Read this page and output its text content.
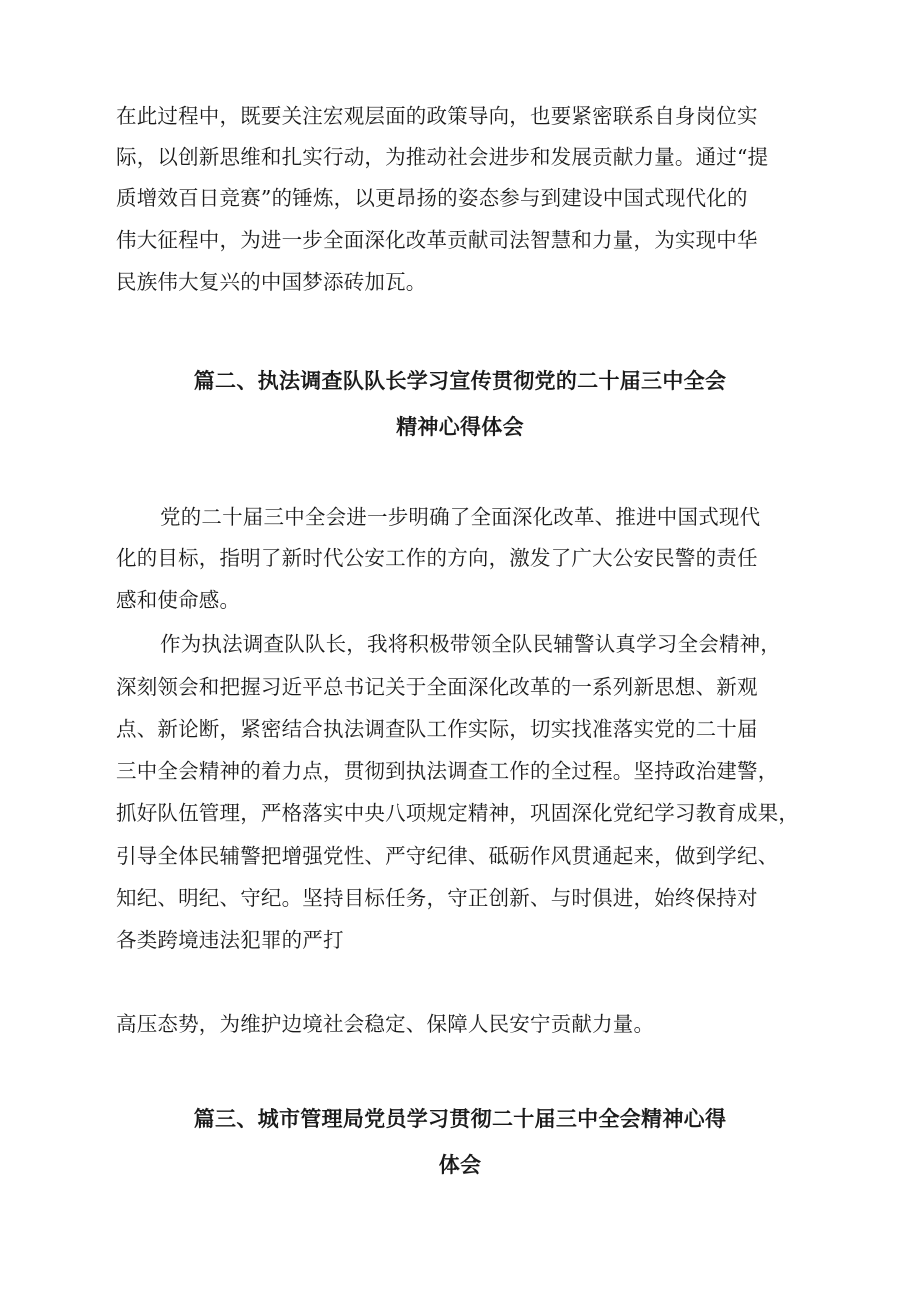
在此过程中，既要关注宏观层面的政策导向，也要紧密联系自身岗位实
际，以创新思维和扎实行动，为推动社会进步和发展贡献力量。通过“提
质增效百日竞赛”的锤炼，以更昂扬的姿态参与到建设中国式现代化的
伟大征程中，为进一步全面深化改革贡献司法智慧和力量，为实现中华
民族伟大复兴的中国梦添砖加瓦。
篇二、执法调查队队长学习宣传贯彻党的二十届三中全会
精神心得体会
党的二十届三中全会进一步明确了全面深化改革、推进中国式现代
化的目标，指明了新时代公安工作的方向，激发了广大公安民警的责任
感和使命感。
作为执法调查队队长，我将积极带领全队民辅警认真学习全会精神，
深刻领会和把握习近平总书记关于全面深化改革的一系列新思想、新观
点、新论断，紧密结合执法调查队工作实际，切实找准落实党的二十届
三中全会精神的着力点，贯彻到执法调查工作的全过程。坚持政治建警，
抓好队伍管理，严格落实中央八项规定精神，巩固深化党纪学习教育成果，
引导全体民辅警把增强党性、严守纪律、砥砺作风贯通起来，做到学纪、
知纪、明纪、守纪。坚持目标任务，守正创新、与时俱进，始终保持对
各类跨境违法犯罪的严打
高压态势，为维护边境社会稳定、保障人民安宁贡献力量。
篇三、城市管理局党员学习贯彻二十届三中全会精神心得
体会
